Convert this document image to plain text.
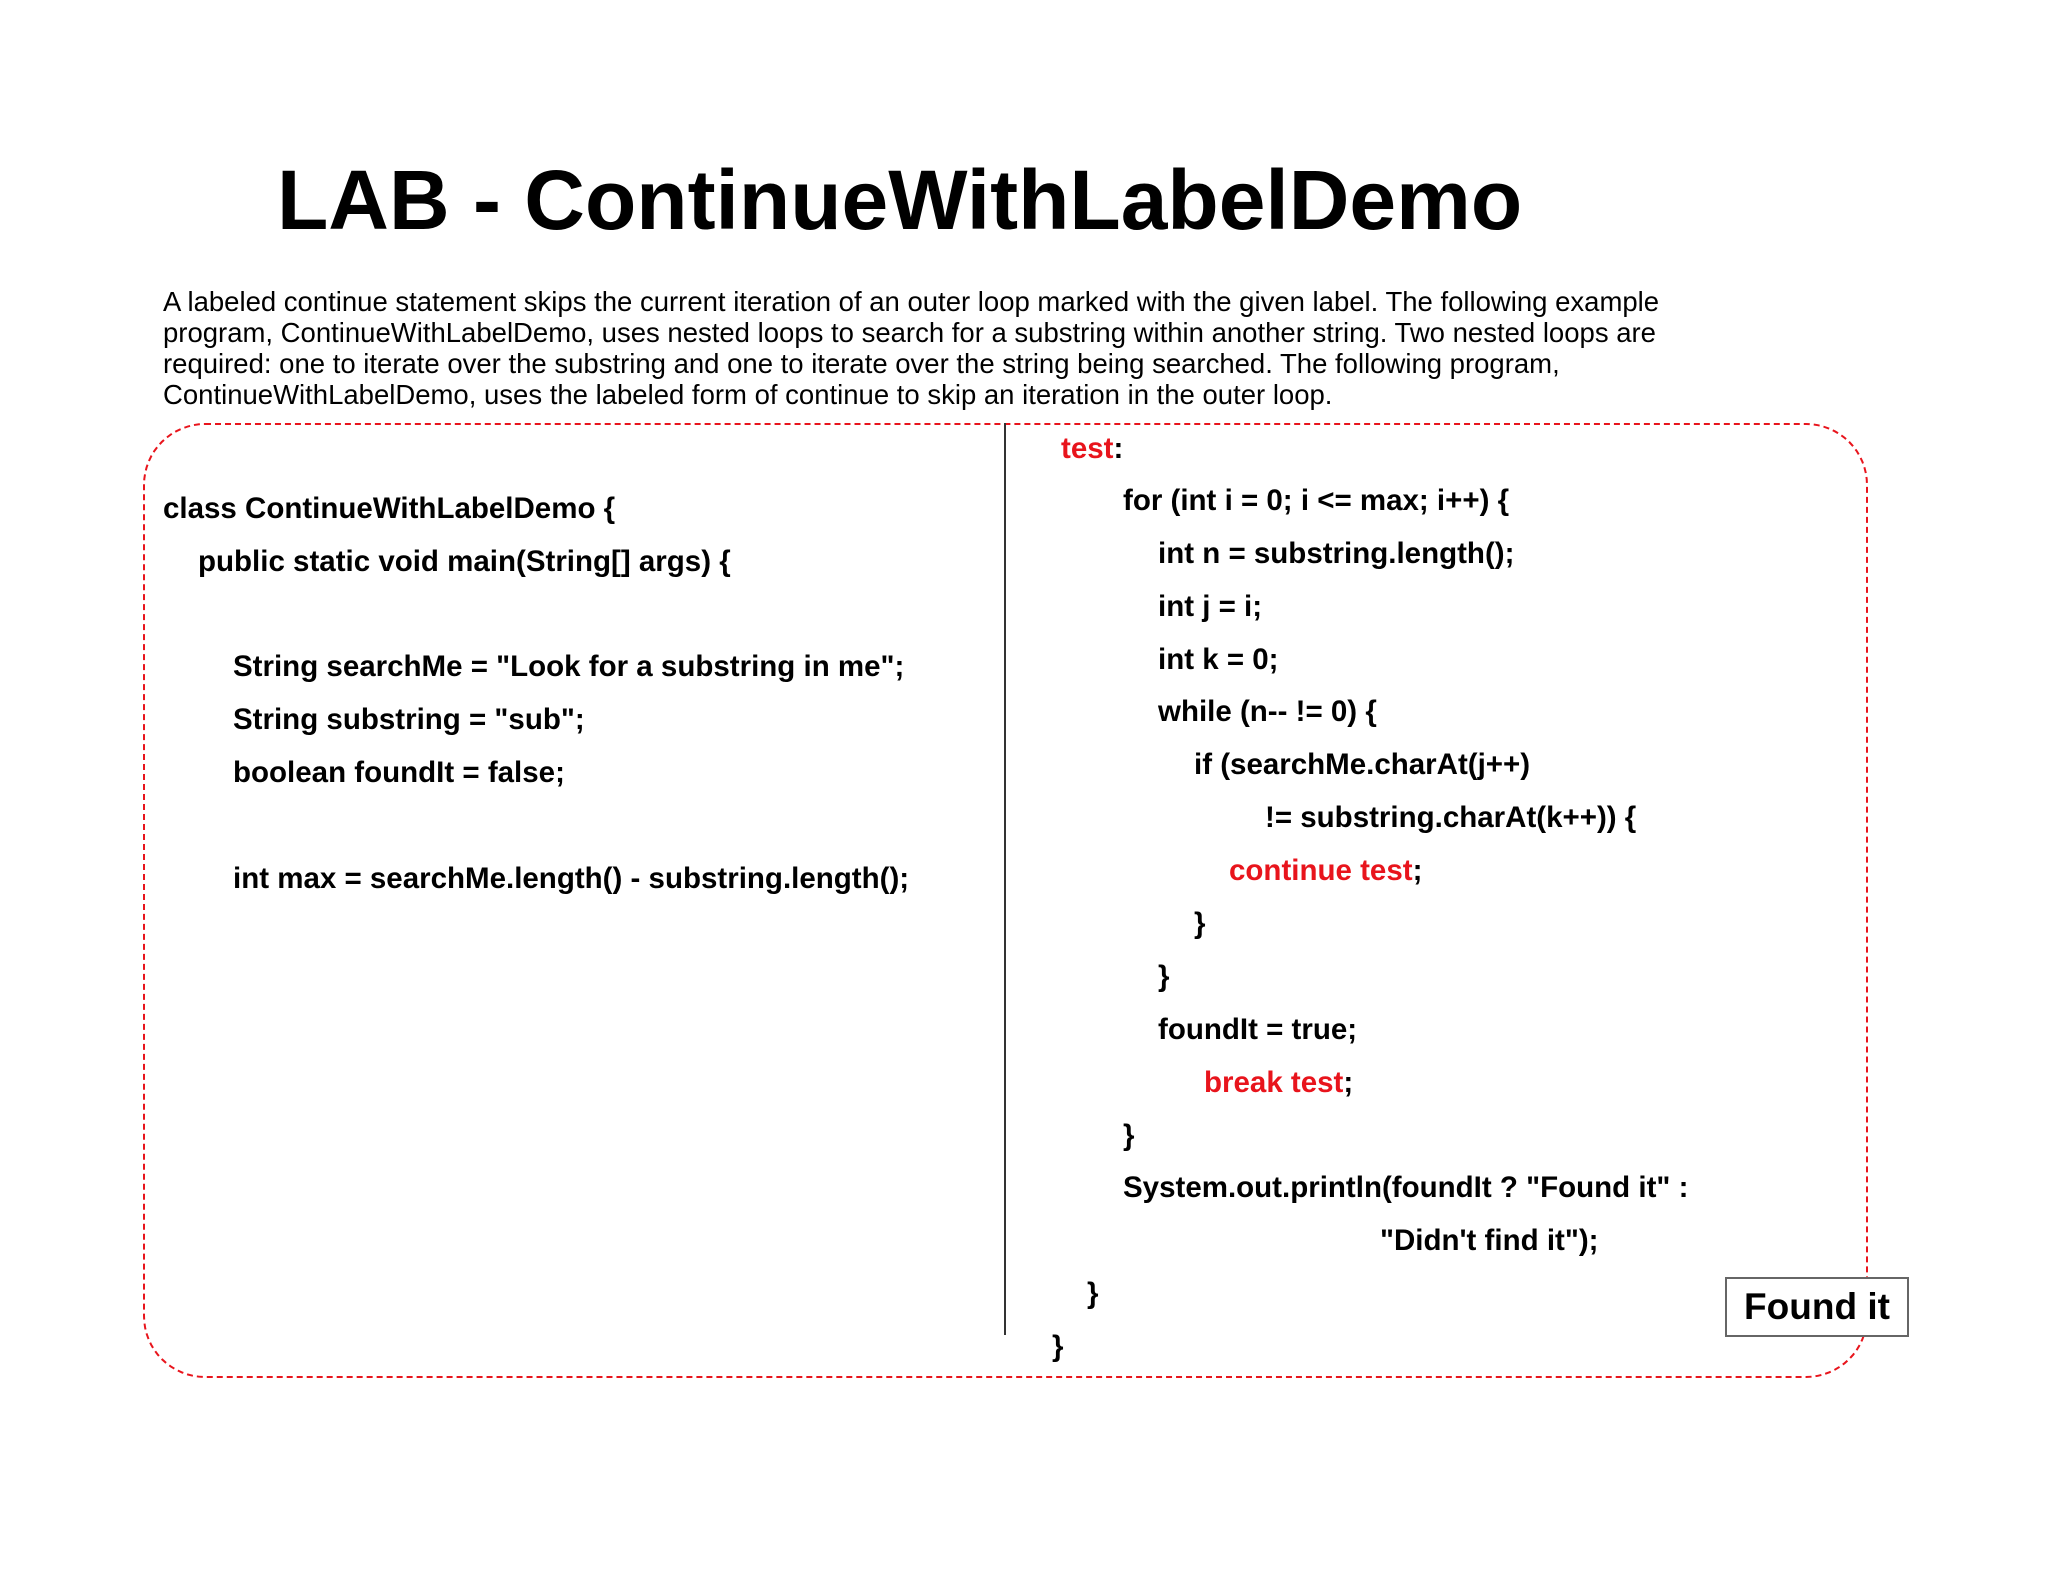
LAB - ContinueWithLabelDemo
A labeled continue statement skips the current iteration of an outer loop marked with the given label. The following example
program, ContinueWithLabelDemo, uses nested loops to search for a substring within another string. Two nested loops are
required: one to iterate over the substring and one to iterate over the string being searched. The following program,
ContinueWithLabelDemo, uses the labeled form of continue to skip an iteration in the outer loop.
class ContinueWithLabelDemo {
public static void main(String[] args) {
String searchMe = "Look for a substring in me";
String substring = "sub";
boolean foundIt = false;
int max = searchMe.length() - substring.length();
test:
for (int i = 0; i <= max; i++) {
int n = substring.length();
int j = i;
int k = 0;
while (n-- != 0) {
if (searchMe.charAt(j++)
!= substring.charAt(k++)) {
continue test;
}
}
foundIt = true;
break test;
}
System.out.println(foundIt ? "Found it" :
"Didn't find it");
}
}
Found it
